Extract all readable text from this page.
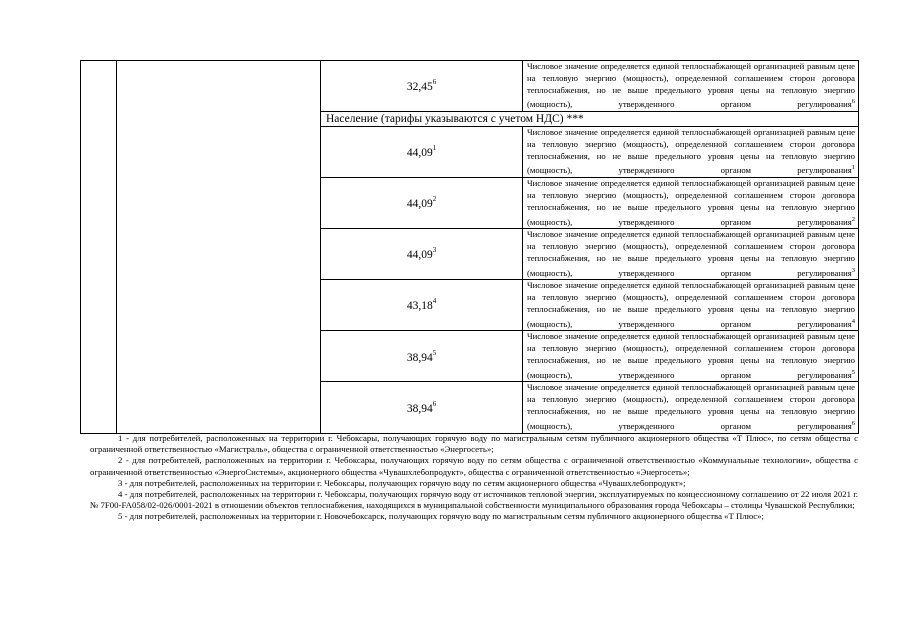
		32,45$^6$	Числовое значение определяется единой теплоснабжающей организацией равным цене на тепловую энергию (мощность), определенной соглашением сторон договора теплоснабжения, но не выше предельного уровня цены на тепловую энергию (мощность), утвержденного органом регулирования$^6$
		Население (тарифы указываются с учетом НДС) ***	
		44,09$^1$	Числовое значение определяется единой теплоснабжающей организацией равным цене на тепловую энергию (мощность), определенной соглашением сторон договора теплоснабжения, но не выше предельного уровня цены на тепловую энергию (мощность), утвержденного органом регулирования$^1$
		44,09$^2$	Числовое значение определяется единой теплоснабжающей организацией равным цене на тепловую энергию (мощность), определенной соглашением сторон договора теплоснабжения, но не выше предельного уровня цены на тепловую энергию (мощность), утвержденного органом регулирования$^2$
		44,09$^3$	Числовое значение определяется единой теплоснабжающей организацией равным цене на тепловую энергию (мощность), определенной соглашением сторон договора теплоснабжения, но не выше предельного уровня цены на тепловую энергию (мощность), утвержденного органом регулирования$^3$
		43,18$^4$	Числовое значение определяется единой теплоснабжающей организацией равным цене на тепловую энергию (мощность), определенной соглашением сторон договора теплоснабжения, но не выше предельного уровня цены на тепловую энергию (мощность), утвержденного органом регулирования$^4$
		38,94$^5$	Числовое значение определяется единой теплоснабжающей организацией равным цене на тепловую энергию (мощность), определенной соглашением сторон договора теплоснабжения, но не выше предельного уровня цены на тепловую энергию (мощность), утвержденного органом регулирования$^5$
		38,94$^6$	Числовое значение определяется единой теплоснабжающей организацией равным цене на тепловую энергию (мощность), определенной соглашением сторон договора теплоснабжения, но не выше предельного уровня цены на тепловую энергию (мощность), утвержденного органом регулирования$^6$

1 - для потребителей, расположенных на территории г. Чебоксары, получающих горячую воду по магистральным сетям публичного акционерного общества «Т Плюс», по сетям общества с ограниченной ответственностью «Магистраль», общества с ограниченной ответственностью «Энергосеть»;

2 - для потребителей, расположенных на территории г. Чебоксары, получающих горячую воду по сетям общества с ограниченной ответственностью «Коммунальные технологии», общества с ограниченной ответственностью «ЭнергоСистемы», акционерного общества «Чувашхлебопродукт», общества с ограниченной ответственностью «Энергосеть»;

3 - для потребителей, расположенных на территории г. Чебоксары, получающих горячую воду по сетям акционерного общества «Чувашхлебопродукт»;

4 - для потребителей, расположенных на территории г. Чебоксары, получающих горячую воду от источников тепловой энергии, эксплуатируемых по концессионному соглашению от 22 июля 2021 г. № 7F00-FA058/02-026/0001-2021 в отношении объектов теплоснабжения, находящихся в муниципальной собственности муниципального образования города Чебоксары – столицы Чувашской Республики;

5 - для потребителей, расположенных на территории г. Новочебоксарск, получающих горячую воду по магистральным сетям публичного акционерного общества «Т Плюс»;
